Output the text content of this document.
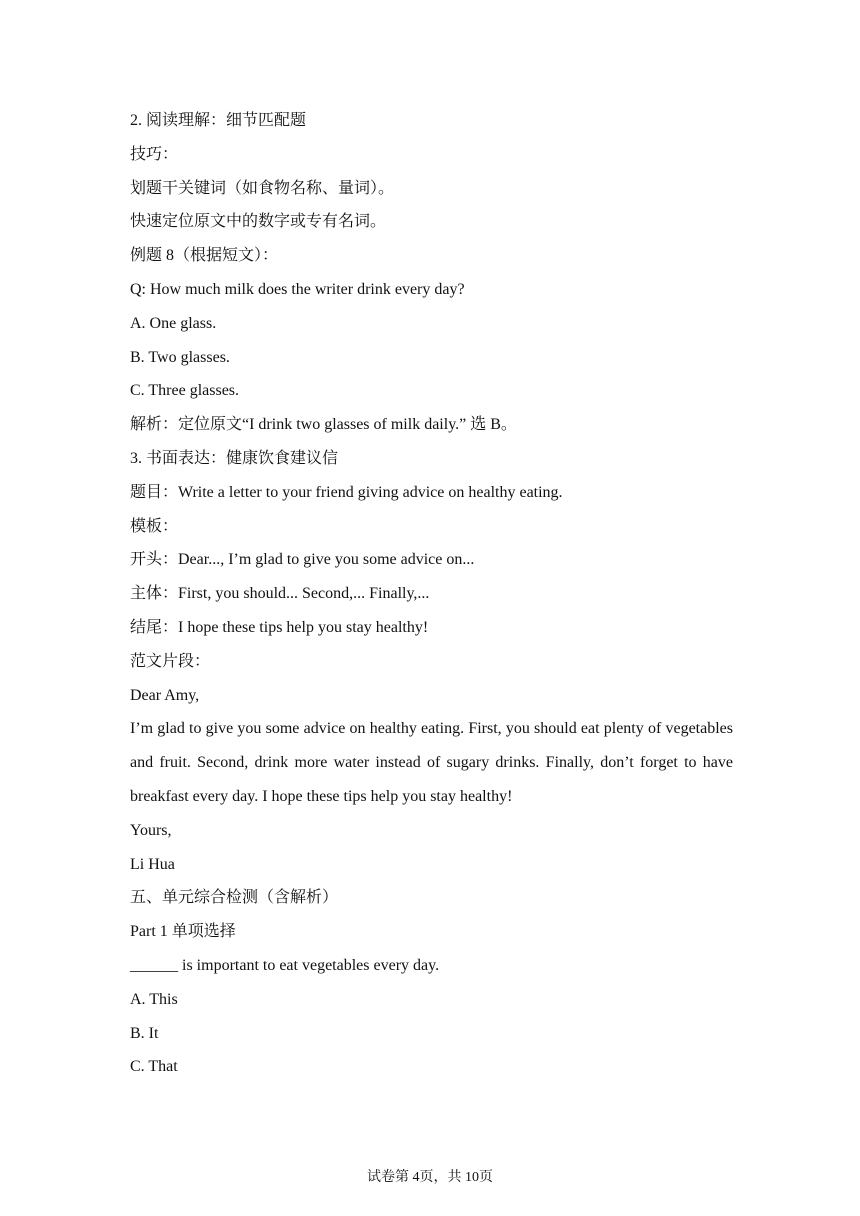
2. 阅读理解：细节匹配题
技巧：
划题干关键词（如食物名称、量词）。
快速定位原文中的数字或专有名词。
例题 8（根据短文）：
Q: How much milk does the writer drink every day?
A. One glass.
B. Two glasses.
C. Three glasses.
解析：定位原文“I drink two glasses of milk daily.” 选 B。
3. 书面表达：健康饮食建议信
题目：Write a letter to your friend giving advice on healthy eating.
模板：
开头：Dear..., I’m glad to give you some advice on...
主体：First, you should... Second,... Finally,...
结尾：I hope these tips help you stay healthy!
范文片段：
Dear Amy,
I’m glad to give you some advice on healthy eating. First, you should eat plenty of vegetables and fruit. Second, drink more water instead of sugary drinks. Finally, don’t forget to have breakfast every day. I hope these tips help you stay healthy!
Yours,
Li Hua
五、单元综合检测（含解析）
Part 1 单项选择
______ is important to eat vegetables every day.
A. This
B. It
C. That
试卷第 4页，共 10页
